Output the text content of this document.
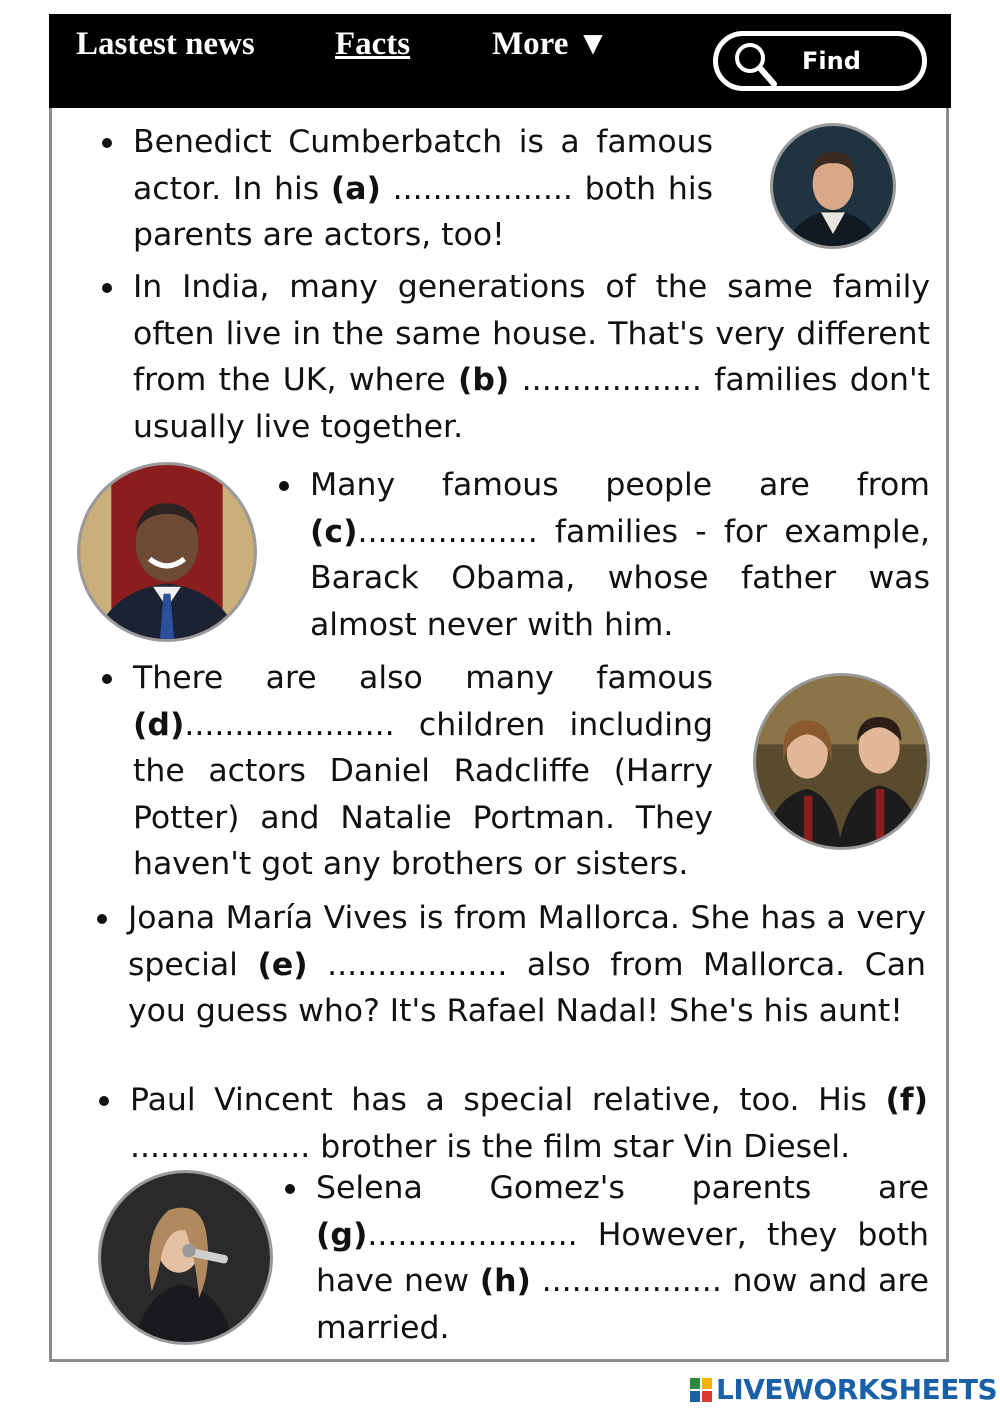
Lastest news Facts More ▼	Find

Benedict Cumberbatch is a famous actor. In his (a) .................. both his parents are actors, too!

In India, many generations of the same family often live in the same house. That's very different from the UK, where (b) .................. families don't usually live together.

Many famous people are from (c).................. families - for example, Barack Obama, whose father was almost never with him.

There are also many famous (d)..................... children including the actors Daniel Radcliffe (Harry Potter) and Natalie Portman. They haven't got any brothers or sisters.

Joana María Vives is from Mallorca. She has a very special (e) .................. also from Mallorca. Can you guess who? It's Rafael Nadal! She's his aunt!

Paul Vincent has a special relative, too. His (f) .................. brother is the film star Vin Diesel.

Selena Gomez's parents are (g)..................... However, they both have new (h) .................. now and are married.

LIVEWORKSHEETS
